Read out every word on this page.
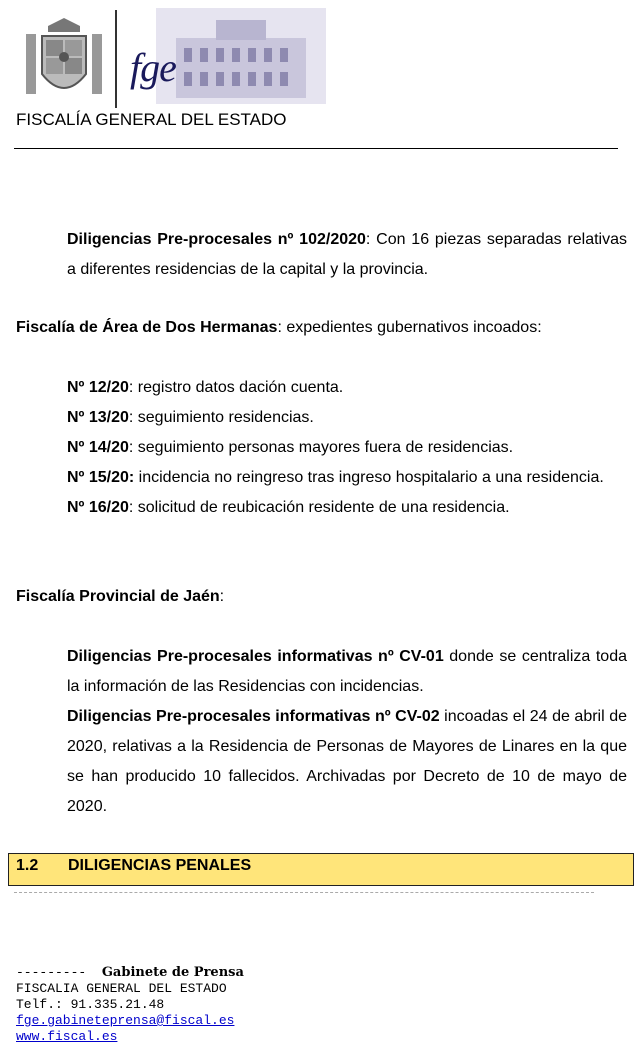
fge
FISCALÍA GENERAL DEL ESTADO
Diligencias Pre-procesales nº 102/2020: Con 16 piezas separadas relativas a diferentes residencias de la capital y la provincia.
Fiscalía de Área de Dos Hermanas: expedientes gubernativos incoados:
Nº 12/20: registro datos dación cuenta.
Nº 13/20: seguimiento residencias.
Nº 14/20: seguimiento personas mayores fuera de residencias.
Nº 15/20: incidencia no reingreso tras ingreso hospitalario a una residencia.
Nº 16/20: solicitud de reubicación residente de una residencia.
Fiscalía Provincial de Jaén:
Diligencias Pre-procesales informativas nº CV-01 donde se centraliza toda la información de las Residencias con incidencias.
Diligencias Pre-procesales informativas nº CV-02 incoadas el 24 de abril de 2020, relativas a la Residencia de Personas de Mayores de Linares en la que se han producido 10 fallecidos. Archivadas por Decreto de 10 de mayo de 2020.
1.2 DILIGENCIAS PENALES
--------- Gabinete de Prensa
FISCALIA GENERAL DEL ESTADO
Telf.: 91.335.21.48
fge.gabineteprensa@fiscal.es
www.fiscal.es
